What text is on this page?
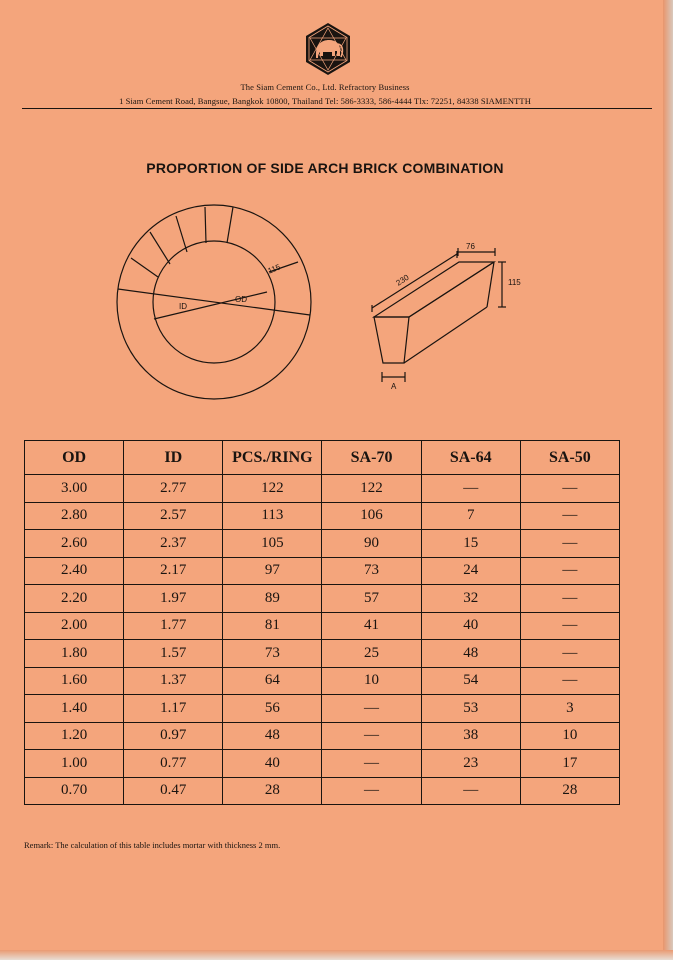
The Siam Cement Co., Ltd. Refractory Business
1 Siam Cement Road, Bangsue, Bangkok 10800, Thailand Tel: 586-3333, 586-4444 Tlx: 72251, 84338 SIAMENTTH
PROPORTION OF SIDE ARCH BRICK COMBINATION
ID
OD
115
230
76
115
A
OD	ID	PCS./RING	SA-70	SA-64	SA-50
3.00	2.77	122	122	—	—
2.80	2.57	113	106	7	—
2.60	2.37	105	90	15	—
2.40	2.17	97	73	24	—
2.20	1.97	89	57	32	—
2.00	1.77	81	41	40	—
1.80	1.57	73	25	48	—
1.60	1.37	64	10	54	—
1.40	1.17	56	—	53	3
1.20	0.97	48	—	38	10
1.00	0.77	40	—	23	17
0.70	0.47	28	—	—	28
Remark: The calculation of this table includes mortar with thickness 2 mm.
